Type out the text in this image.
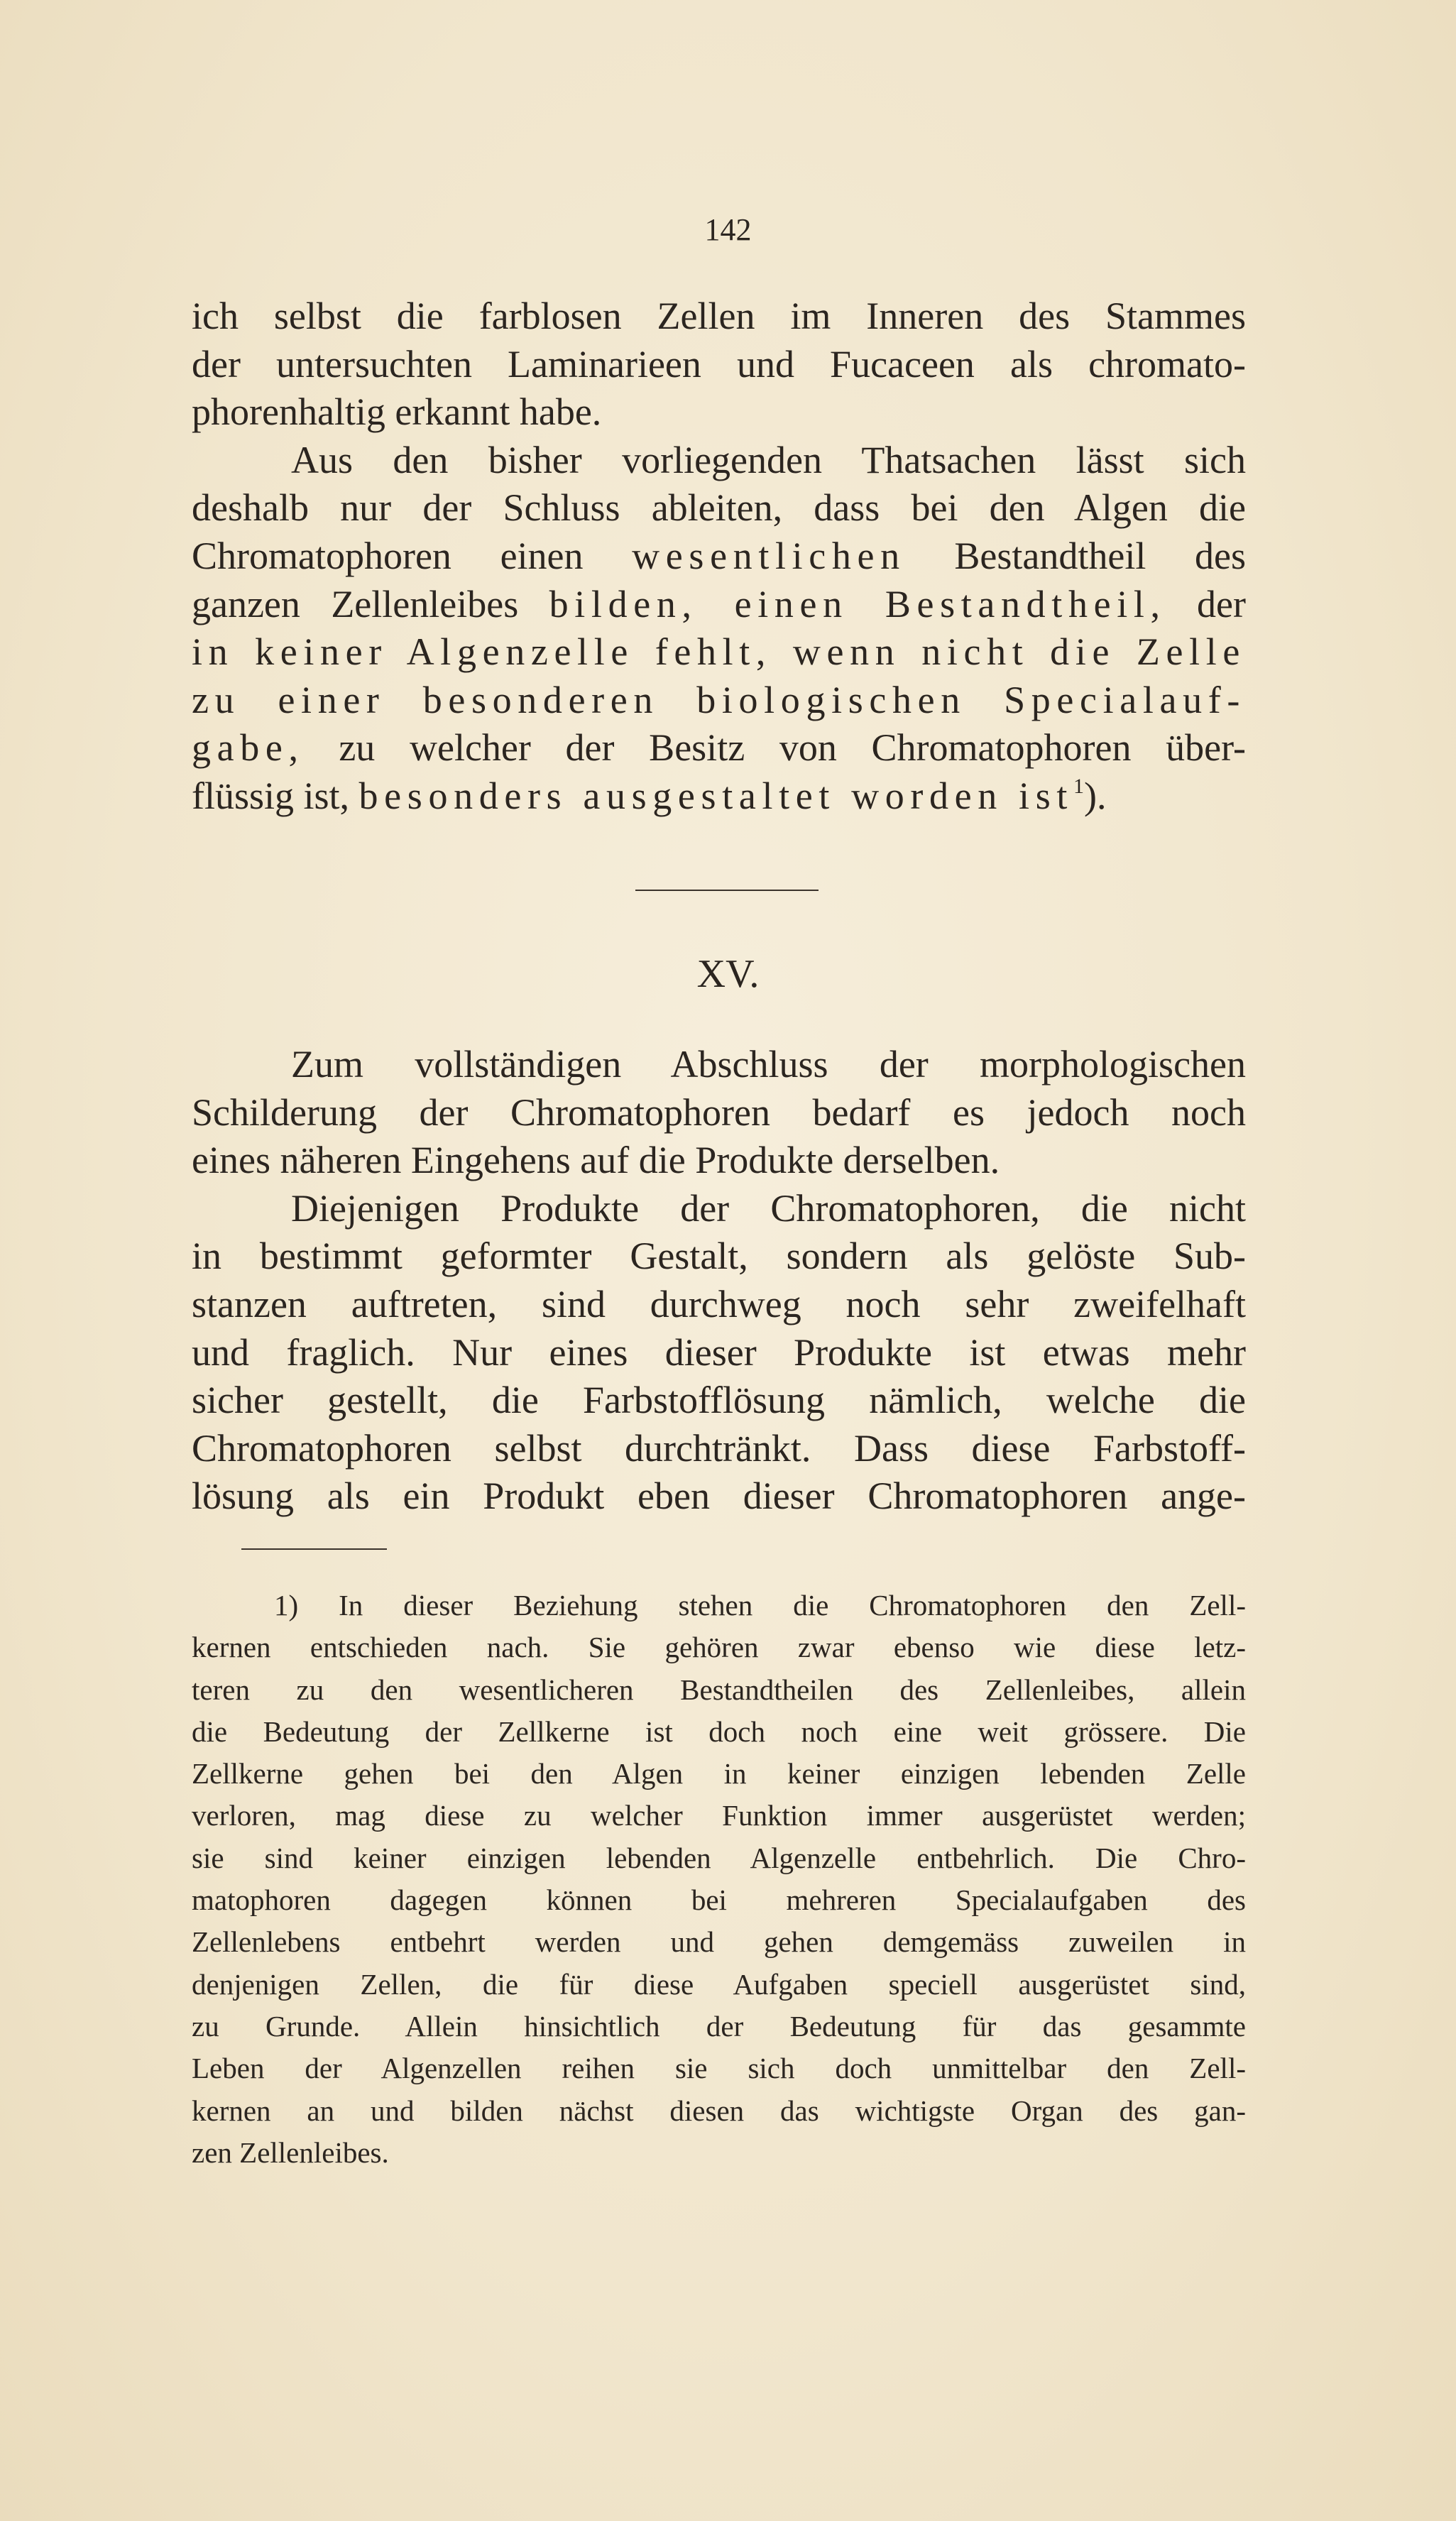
142
ich selbst die farblosen Zellen im Inneren des Stammes
der untersuchten Laminarieen und Fucaceen als chromato-
phorenhaltig erkannt habe.
Aus den bisher vorliegenden Thatsachen lässt sich
deshalb nur der Schluss ableiten, dass bei den Algen die
Chromatophoren einen wesentlichen Bestandtheil des
ganzen Zellenleibes bilden, einen Bestandtheil, der
in keiner Algenzelle fehlt, wenn nicht die Zelle
zu einer besonderen biologischen Specialauf-
gabe, zu welcher der Besitz von Chromatophoren über-
flüssig ist, besonders ausgestaltet worden ist$^1$).
XV.
Zum vollständigen Abschluss der morphologischen
Schilderung der Chromatophoren bedarf es jedoch noch
eines näheren Eingehens auf die Produkte derselben.
Diejenigen Produkte der Chromatophoren, die nicht
in bestimmt geformter Gestalt, sondern als gelöste Sub-
stanzen auftreten, sind durchweg noch sehr zweifelhaft
und fraglich. Nur eines dieser Produkte ist etwas mehr
sicher gestellt, die Farbstofflösung nämlich, welche die
Chromatophoren selbst durchtränkt. Dass diese Farbstoff-
lösung als ein Produkt eben dieser Chromatophoren ange-
1) In dieser Beziehung stehen die Chromatophoren den Zell-
kernen entschieden nach. Sie gehören zwar ebenso wie diese letz-
teren zu den wesentlicheren Bestandtheilen des Zellenleibes, allein
die Bedeutung der Zellkerne ist doch noch eine weit grössere. Die
Zellkerne gehen bei den Algen in keiner einzigen lebenden Zelle
verloren, mag diese zu welcher Funktion immer ausgerüstet werden;
sie sind keiner einzigen lebenden Algenzelle entbehrlich. Die Chro-
matophoren dagegen können bei mehreren Specialaufgaben des
Zellenlebens entbehrt werden und gehen demgemäss zuweilen in
denjenigen Zellen, die für diese Aufgaben speciell ausgerüstet sind,
zu Grunde. Allein hinsichtlich der Bedeutung für das gesammte
Leben der Algenzellen reihen sie sich doch unmittelbar den Zell-
kernen an und bilden nächst diesen das wichtigste Organ des gan-
zen Zellenleibes.
